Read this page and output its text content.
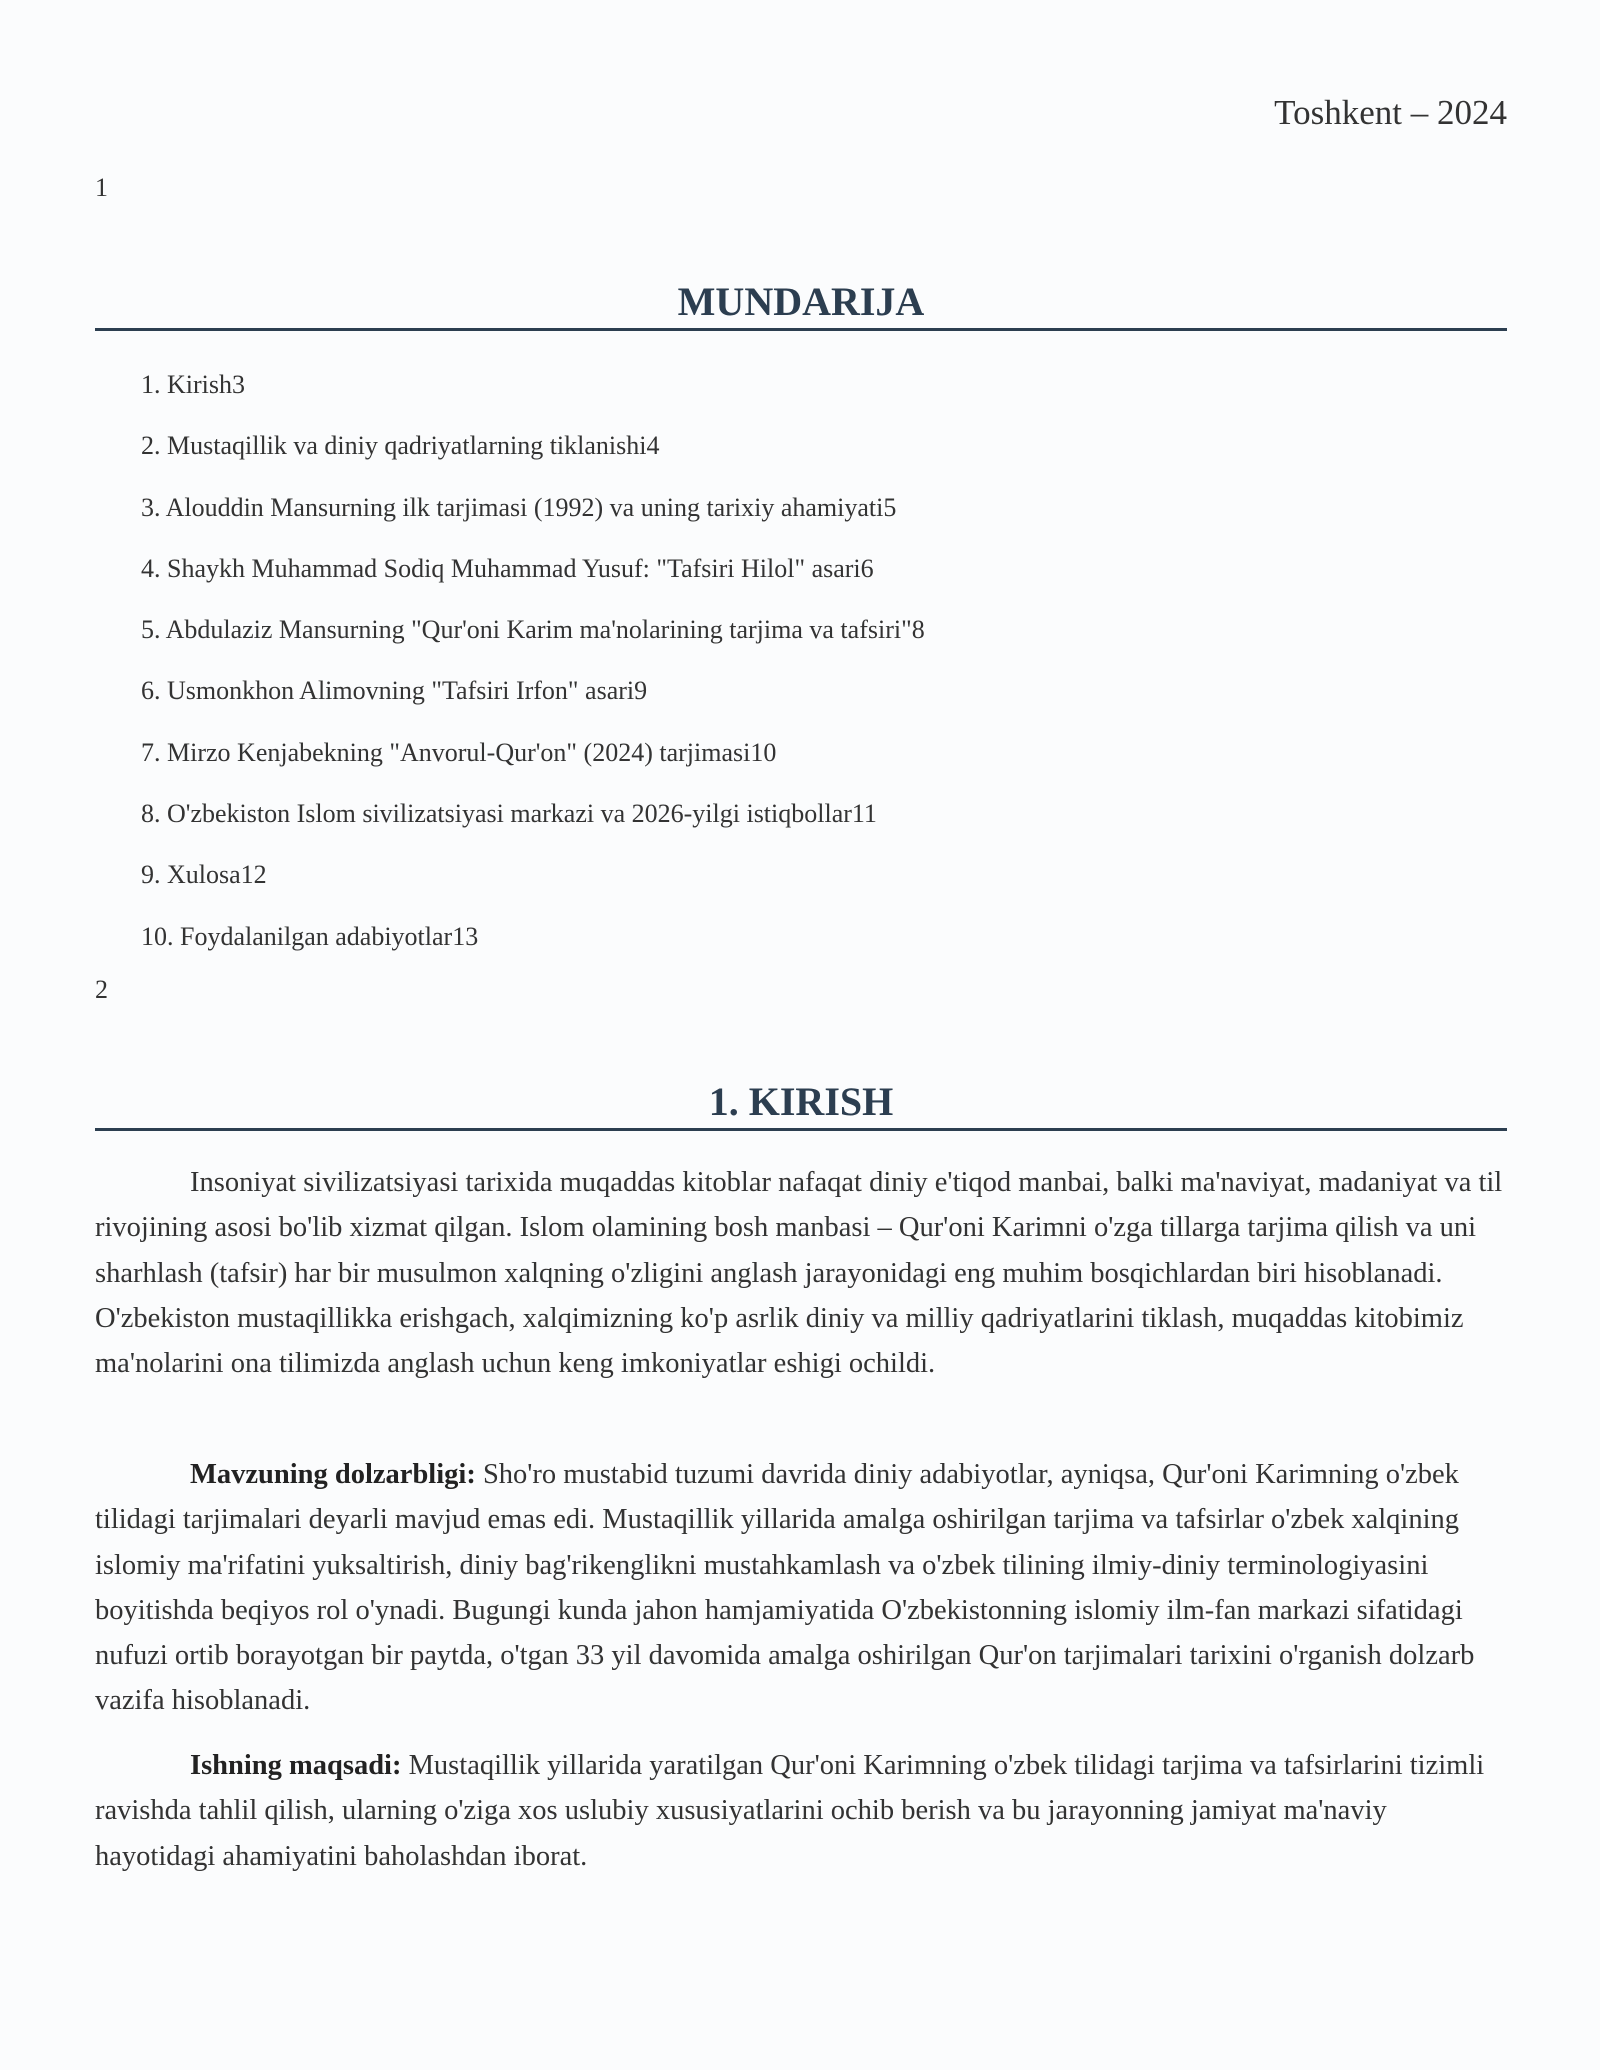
Toshkent – 2024
1
MUNDARIJA
1. Kirish3
2. Mustaqillik va diniy qadriyatlarning tiklanishi4
3. Alouddin Mansurning ilk tarjimasi (1992) va uning tarixiy ahamiyati5
4. Shaykh Muhammad Sodiq Muhammad Yusuf: "Tafsiri Hilol" asari6
5. Abdulaziz Mansurning "Qur'oni Karim ma'nolarining tarjima va tafsiri"8
6. Usmonkhon Alimovning "Tafsiri Irfon" asari9
7. Mirzo Kenjabekning "Anvorul-Qur'on" (2024) tarjimasi10
8. O'zbekiston Islom sivilizatsiyasi markazi va 2026-yilgi istiqbollar11
9. Xulosa12
10. Foydalanilgan adabiyotlar13
2
1. KIRISH

Insoniyat sivilizatsiyasi tarixida muqaddas kitoblar nafaqat diniy e'tiqod manbai, balki ma'naviyat, madaniyat va til rivojining asosi bo'lib xizmat qilgan. Islom olamining bosh manbasi – Qur'oni Karimni o'zga tillarga tarjima qilish va uni sharhlash (tafsir) har bir musulmon xalqning o'zligini anglash jarayonidagi eng muhim bosqichlardan biri hisoblanadi. O'zbekiston mustaqillikka erishgach, xalqimizning ko'p asrlik diniy va milliy qadriyatlarini tiklash, muqaddas kitobimiz ma'nolarini ona tilimizda anglash uchun keng imkoniyatlar eshigi ochildi.

Mavzuning dolzarbligi: Sho'ro mustabid tuzumi davrida diniy adabiyotlar, ayniqsa, Qur'oni Karimning o'zbek tilidagi tarjimalari deyarli mavjud emas edi. Mustaqillik yillarida amalga oshirilgan tarjima va tafsirlar o'zbek xalqining islomiy ma'rifatini yuksaltirish, diniy bag'rikenglikni mustahkamlash va o'zbek tilining ilmiy-diniy terminologiyasini boyitishda beqiyos rol o'ynadi. Bugungi kunda jahon hamjamiyatida O'zbekistonning islomiy ilm-fan markazi sifatidagi nufuzi ortib borayotgan bir paytda, o'tgan 33 yil davomida amalga oshirilgan Qur'on tarjimalari tarixini o'rganish dolzarb vazifa hisoblanadi.

Ishning maqsadi: Mustaqillik yillarida yaratilgan Qur'oni Karimning o'zbek tilidagi tarjima va tafsirlarini tizimli ravishda tahlil qilish, ularning o'ziga xos uslubiy xususiyatlarini ochib berish va bu jarayonning jamiyat ma'naviy hayotidagi ahamiyatini baholashdan iborat.
